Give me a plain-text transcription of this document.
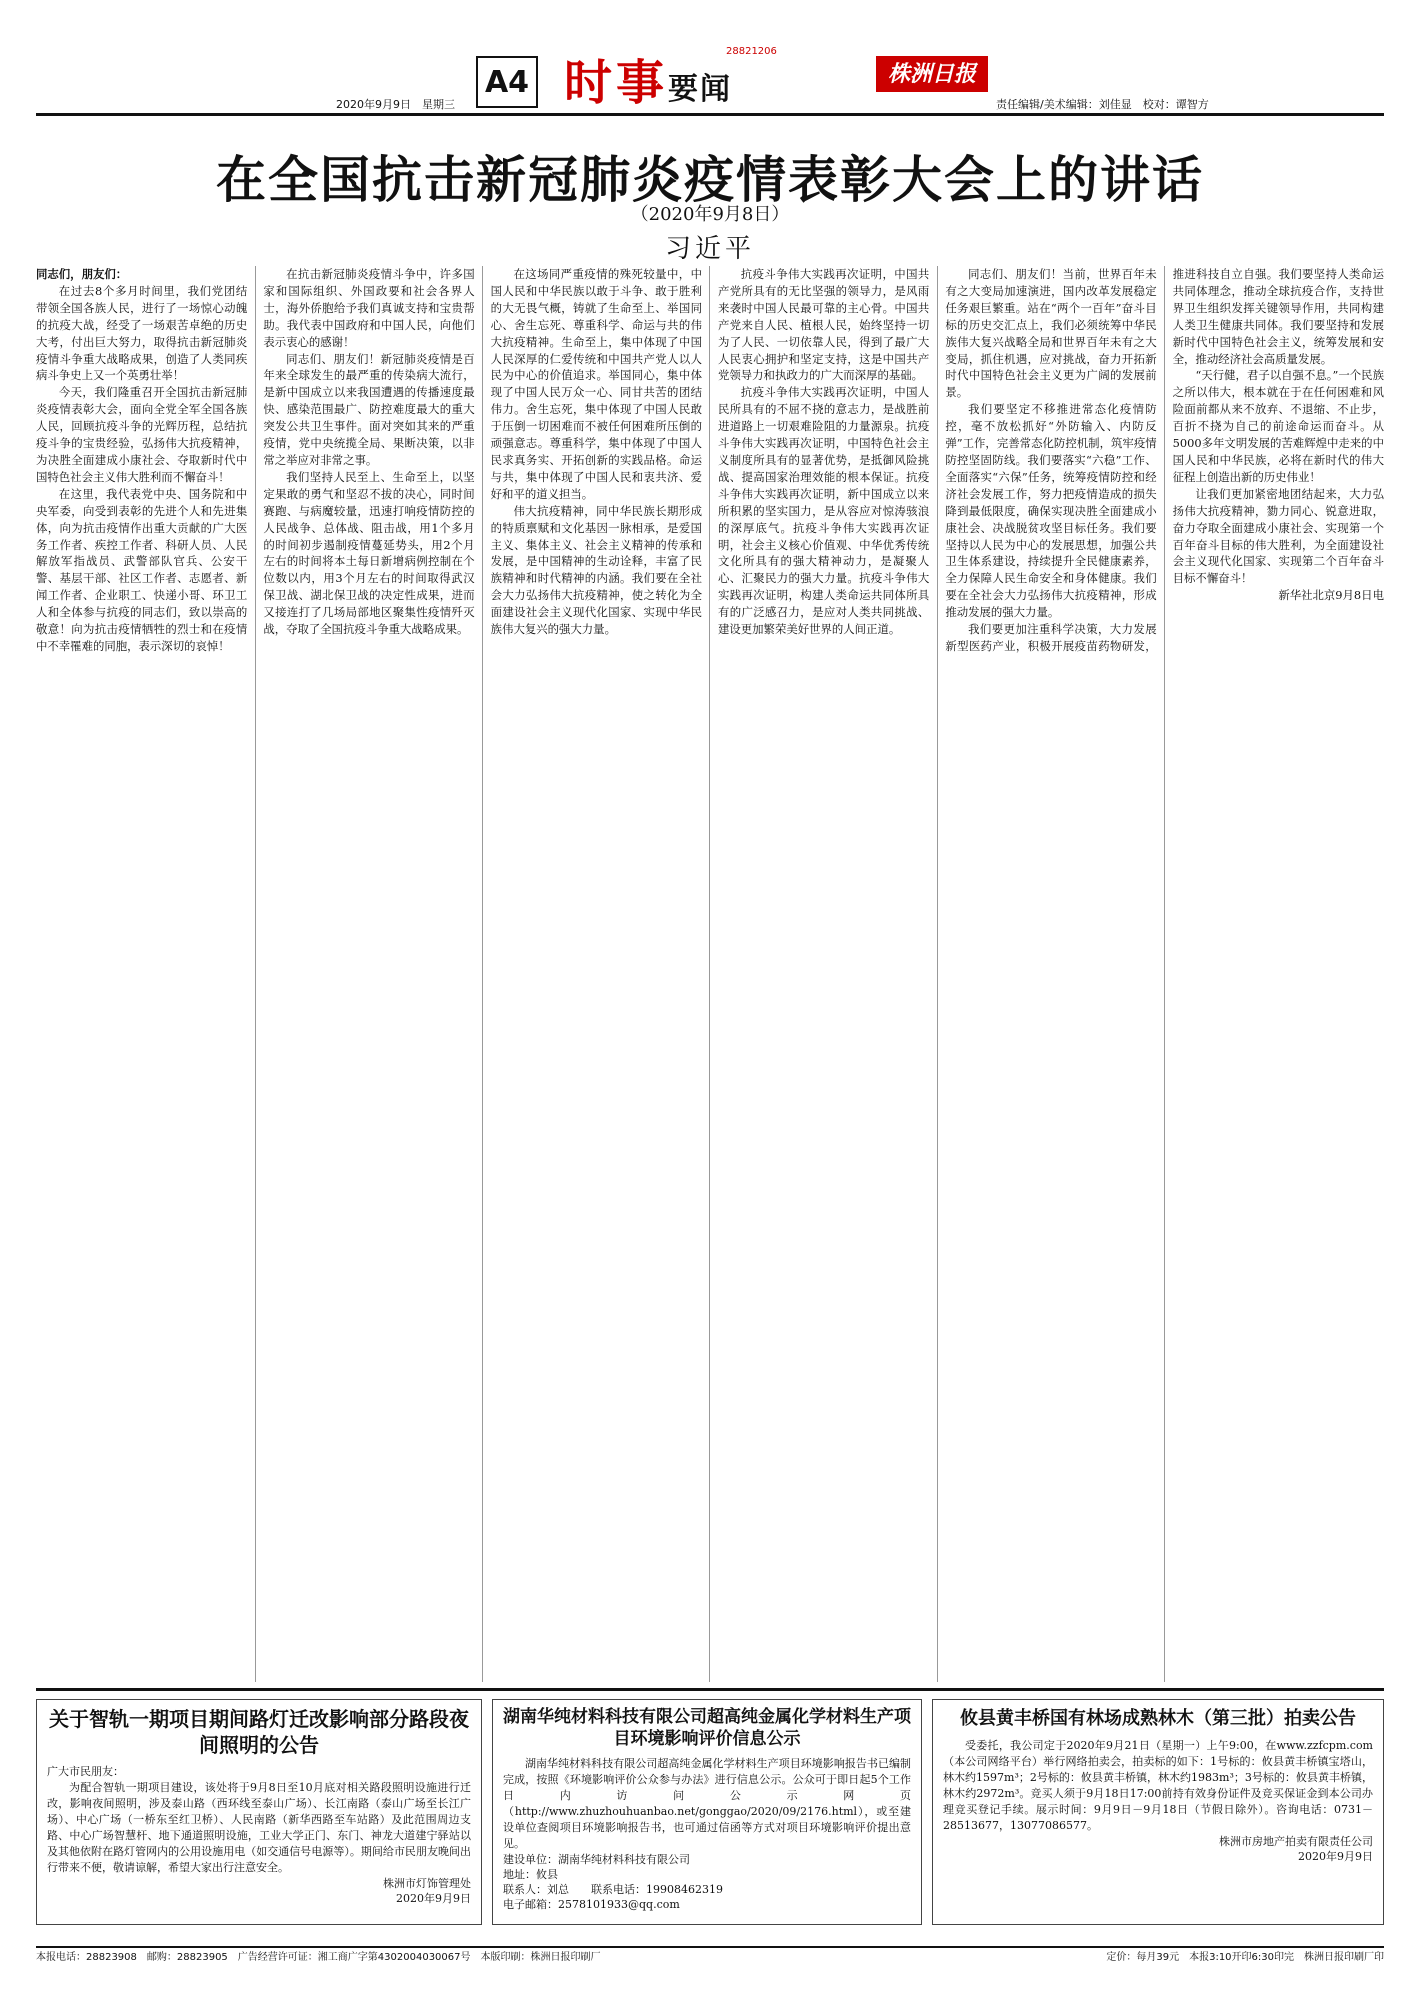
2020年9月9日　星期三
A4 时事要闻
28821206
株洲日报
责任编辑/美术编辑：刘佳显　校对：谭智方
在全国抗击新冠肺炎疫情表彰大会上的讲话
（2020年9月8日）
习近平

同志们，朋友们：

在过去8个多月时间里，我们党团结带领全国各族人民，进行了一场惊心动魄的抗疫大战，经受了一场艰苦卓绝的历史大考，付出巨大努力，取得抗击新冠肺炎疫情斗争重大战略成果，创造了人类同疾病斗争史上又一个英勇壮举！

今天，我们隆重召开全国抗击新冠肺炎疫情表彰大会，面向全党全军全国各族人民，回顾抗疫斗争的光辉历程，总结抗疫斗争的宝贵经验，弘扬伟大抗疫精神，为决胜全面建成小康社会、夺取新时代中国特色社会主义伟大胜利而不懈奋斗！

在这里，我代表党中央、国务院和中央军委，向受到表彰的先进个人和先进集体，向为抗击疫情作出重大贡献的广大医务工作者、疾控工作者、科研人员、人民解放军指战员、武警部队官兵、公安干警、基层干部、社区工作者、志愿者、新闻工作者、企业职工、快递小哥、环卫工人和全体参与抗疫的同志们，致以崇高的敬意！向为抗击疫情牺牲的烈士和在疫情中不幸罹难的同胞，表示深切的哀悼！

在抗击新冠肺炎疫情斗争中，许多国家和国际组织、外国政要和社会各界人士，海外侨胞给予我们真诚支持和宝贵帮助。我代表中国政府和中国人民，向他们表示衷心的感谢！

同志们、朋友们！新冠肺炎疫情是百年来全球发生的最严重的传染病大流行，是新中国成立以来我国遭遇的传播速度最快、感染范围最广、防控难度最大的重大突发公共卫生事件。面对突如其来的严重疫情，党中央统揽全局、果断决策，以非常之举应对非常之事。

我们坚持人民至上、生命至上，以坚定果敢的勇气和坚忍不拔的决心，同时间赛跑、与病魔较量，迅速打响疫情防控的人民战争、总体战、阻击战，用1个多月的时间初步遏制疫情蔓延势头，用2个月左右的时间将本土每日新增病例控制在个位数以内，用3个月左右的时间取得武汉保卫战、湖北保卫战的决定性成果，进而又接连打了几场局部地区聚集性疫情歼灭战，夺取了全国抗疫斗争重大战略成果。

在这场同严重疫情的殊死较量中，中国人民和中华民族以敢于斗争、敢于胜利的大无畏气概，铸就了生命至上、举国同心、舍生忘死、尊重科学、命运与共的伟大抗疫精神。生命至上，集中体现了中国人民深厚的仁爱传统和中国共产党人以人民为中心的价值追求。举国同心，集中体现了中国人民万众一心、同甘共苦的团结伟力。舍生忘死，集中体现了中国人民敢于压倒一切困难而不被任何困难所压倒的顽强意志。尊重科学，集中体现了中国人民求真务实、开拓创新的实践品格。命运与共，集中体现了中国人民和衷共济、爱好和平的道义担当。

伟大抗疫精神，同中华民族长期形成的特质禀赋和文化基因一脉相承，是爱国主义、集体主义、社会主义精神的传承和发展，是中国精神的生动诠释，丰富了民族精神和时代精神的内涵。我们要在全社会大力弘扬伟大抗疫精神，使之转化为全面建设社会主义现代化国家、实现中华民族伟大复兴的强大力量。

抗疫斗争伟大实践再次证明，中国共产党所具有的无比坚强的领导力，是风雨来袭时中国人民最可靠的主心骨。中国共产党来自人民、植根人民，始终坚持一切为了人民、一切依靠人民，得到了最广大人民衷心拥护和坚定支持，这是中国共产党领导力和执政力的广大而深厚的基础。

抗疫斗争伟大实践再次证明，中国人民所具有的不屈不挠的意志力，是战胜前进道路上一切艰难险阻的力量源泉。抗疫斗争伟大实践再次证明，中国特色社会主义制度所具有的显著优势，是抵御风险挑战、提高国家治理效能的根本保证。抗疫斗争伟大实践再次证明，新中国成立以来所积累的坚实国力，是从容应对惊涛骇浪的深厚底气。抗疫斗争伟大实践再次证明，社会主义核心价值观、中华优秀传统文化所具有的强大精神动力，是凝聚人心、汇聚民力的强大力量。抗疫斗争伟大实践再次证明，构建人类命运共同体所具有的广泛感召力，是应对人类共同挑战、建设更加繁荣美好世界的人间正道。

同志们、朋友们！当前，世界百年未有之大变局加速演进，国内改革发展稳定任务艰巨繁重。站在“两个一百年”奋斗目标的历史交汇点上，我们必须统筹中华民族伟大复兴战略全局和世界百年未有之大变局，抓住机遇，应对挑战，奋力开拓新时代中国特色社会主义更为广阔的发展前景。

我们要坚定不移推进常态化疫情防控，毫不放松抓好“外防输入、内防反弹”工作，完善常态化防控机制，筑牢疫情防控坚固防线。我们要落实“六稳”工作、全面落实“六保”任务，统筹疫情防控和经济社会发展工作，努力把疫情造成的损失降到最低限度，确保实现决胜全面建成小康社会、决战脱贫攻坚目标任务。我们要坚持以人民为中心的发展思想，加强公共卫生体系建设，持续提升全民健康素养，全力保障人民生命安全和身体健康。我们要在全社会大力弘扬伟大抗疫精神，形成推动发展的强大力量。

我们要更加注重科学决策，大力发展新型医药产业，积极开展疫苗药物研发，推进科技自立自强。我们要坚持人类命运共同体理念，推动全球抗疫合作，支持世界卫生组织发挥关键领导作用，共同构建人类卫生健康共同体。我们要坚持和发展新时代中国特色社会主义，统筹发展和安全，推动经济社会高质量发展。

“天行健，君子以自强不息。”一个民族之所以伟大，根本就在于在任何困难和风险面前都从来不放弃、不退缩、不止步，百折不挠为自己的前途命运而奋斗。从5000多年文明发展的苦难辉煌中走来的中国人民和中华民族，必将在新时代的伟大征程上创造出新的历史伟业！

让我们更加紧密地团结起来，大力弘扬伟大抗疫精神，勠力同心、锐意进取，奋力夺取全面建成小康社会、实现第一个百年奋斗目标的伟大胜利，为全面建设社会主义现代化国家、实现第二个百年奋斗目标不懈奋斗！

新华社北京9月8日电

关于智轨一期项目期间路灯迁改影响部分路段夜间照明的公告
广大市民朋友：

为配合智轨一期项目建设，该处将于9月8日至10月底对相关路段照明设施进行迁改，影响夜间照明，涉及泰山路（西环线至泰山广场）、长江南路（泰山广场至长江广场）、中心广场（一桥东至红卫桥）、人民南路（新华西路至车站路）及此范围周边支路、中心广场智慧杆、地下通道照明设施，工业大学正门、东门、神龙大道建宁驿站以及其他依附在路灯管网内的公用设施用电（如交通信号电源等）。期间给市民朋友晚间出行带来不便，敬请谅解，希望大家出行注意安全。

株洲市灯饰管理处
2020年9月9日
湖南华纯材料科技有限公司超高纯金属化学材料生产项目环境影响评价信息公示

湖南华纯材料科技有限公司超高纯金属化学材料生产项目环境影响报告书已编制完成，按照《环境影响评价公众参与办法》进行信息公示。公众可于即日起5个工作日内访问公示网页（http://www.zhuzhouhuanbao.net/gonggao/2020/09/2176.html），或至建设单位查阅项目环境影响报告书，也可通过信函等方式对项目环境影响评价提出意见。

建设单位：湖南华纯材料科技有限公司
地址：攸县
联系人：刘总　　联系电话：19908462319
电子邮箱：2578101933@qq.com
攸县黄丰桥国有林场成熟林木（第三批）拍卖公告

受委托，我公司定于2020年9月21日（星期一）上午9:00，在www.zzfcpm.com（本公司网络平台）举行网络拍卖会，拍卖标的如下：1号标的：攸县黄丰桥镇宝塔山，林木约1597m³；2号标的：攸县黄丰桥镇，林木约1983m³；3号标的：攸县黄丰桥镇，林木约2972m³。竞买人须于9月18日17:00前持有效身份证件及竞买保证金到本公司办理竞买登记手续。展示时间：9月9日－9月18日（节假日除外）。咨询电话：0731－28513677，13077086577。

株洲市房地产拍卖有限责任公司
2020年9月9日
本报电话：28823908　邮购：28823905　广告经营许可证：湘工商广字第4302004030067号　本版印刷：株洲日报印刷厂	定价：每月39元　本报3:10开印6:30印完　株洲日报印刷厂印
